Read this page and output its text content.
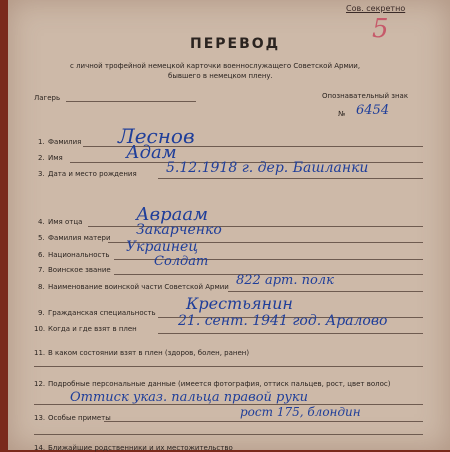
Сов. секретно
5
ПЕРЕВОД
с личной трофейной немецкой карточки военнослужащего Советской Армии,
бывшего в немецком плену.
Лагерь	Опознавательный знак
№ 6454
1. Фамилия Леснов
2. Имя	Адам
3. Дата и место рождения 5.12.1918 г. дер. Башланки
4. Имя отца	Авраам
5. Фамилия матери Закарченко
6. Национальность Украинец
7. Воинское звание
Солдат
8. Наименование воинской части Советской Армии 822 арт. полк
9. Гражданская специальность Крестьянин
10. Когда и где взят в плен	21. сент. 1941 год. Араловo
11. В каком состоянии взят в плен (здоров, болен, ранен)
12. Подробные персональные данные (имеется фотография, оттиск пальцев, рост, цвет волос)
Оттиск указ. пальца правой руки
рост 175, блондин
13. Особые приметы
14. Ближайшие родственники и их местожительство
